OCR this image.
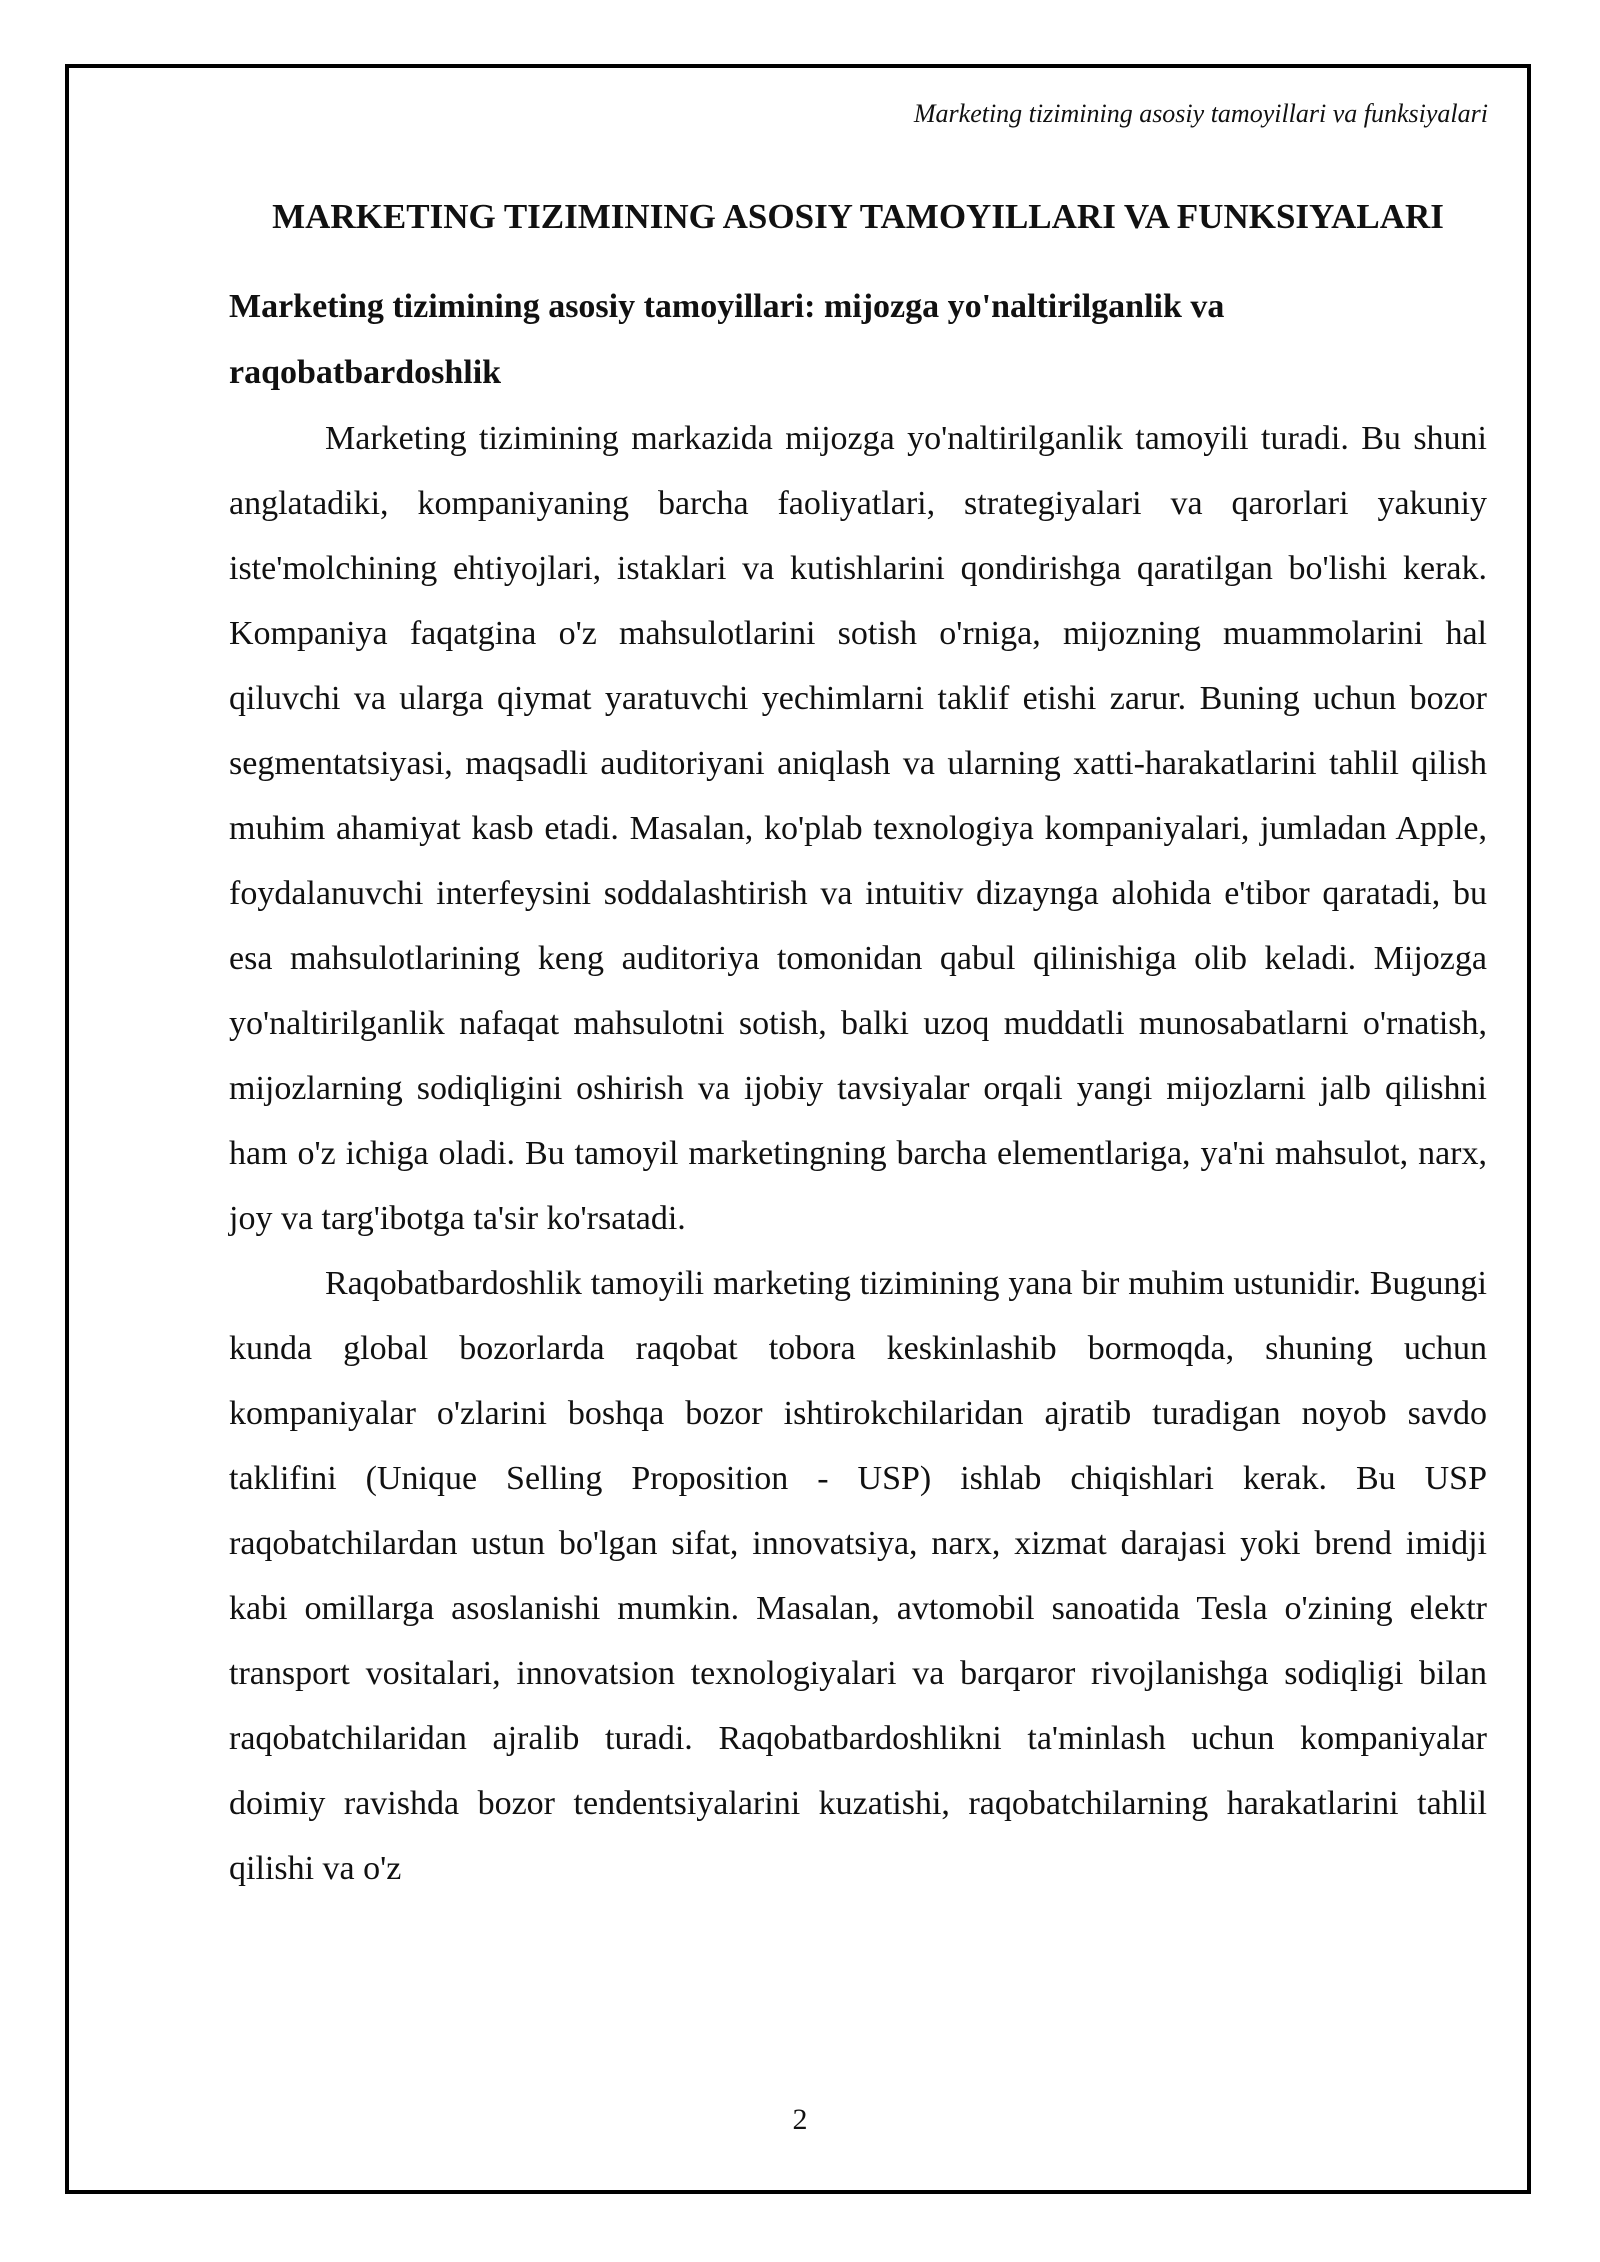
Marketing tizimining asosiy tamoyillari va funksiyalari
MARKETING TIZIMINING ASOSIY TAMOYILLARI VA FUNKSIYALARI
Marketing tizimining asosiy tamoyillari: mijozga yo'naltirilganlik va raqobatbardoshlik

Marketing tizimining markazida mijozga yo'naltirilganlik tamoyili turadi. Bu shuni anglatadiki, kompaniyaning barcha faoliyatlari, strategiyalari va qarorlari yakuniy iste'molchining ehtiyojlari, istaklari va kutishlarini qondirishga qaratilgan bo'lishi kerak. Kompaniya faqatgina o'z mahsulotlarini sotish o'rniga, mijozning muammolarini hal qiluvchi va ularga qiymat yaratuvchi yechimlarni taklif etishi zarur. Buning uchun bozor segmentatsiyasi, maqsadli auditoriyani aniqlash va ularning xatti-harakatlarini tahlil qilish muhim ahamiyat kasb etadi. Masalan, ko'plab texnologiya kompaniyalari, jumladan Apple, foydalanuvchi interfeysini soddalashtirish va intuitiv dizaynga alohida e'tibor qaratadi, bu esa mahsulotlarining keng auditoriya tomonidan qabul qilinishiga olib keladi. Mijozga yo'naltirilganlik nafaqat mahsulotni sotish, balki uzoq muddatli munosabatlarni o'rnatish, mijozlarning sodiqligini oshirish va ijobiy tavsiyalar orqali yangi mijozlarni jalb qilishni ham o'z ichiga oladi. Bu tamoyil marketingning barcha elementlariga, ya'ni mahsulot, narx, joy va targ'ibotga ta'sir ko'rsatadi.

Raqobatbardoshlik tamoyili marketing tizimining yana bir muhim ustunidir. Bugungi kunda global bozorlarda raqobat tobora keskinlashib bormoqda, shuning uchun kompaniyalar o'zlarini boshqa bozor ishtirokchilaridan ajratib turadigan noyob savdo taklifini (Unique Selling Proposition - USP) ishlab chiqishlari kerak. Bu USP raqobatchilardan ustun bo'lgan sifat, innovatsiya, narx, xizmat darajasi yoki brend imidji kabi omillarga asoslanishi mumkin. Masalan, avtomobil sanoatida Tesla o'zining elektr transport vositalari, innovatsion texnologiyalari va barqaror rivojlanishga sodiqligi bilan raqobatchilaridan ajralib turadi. Raqobatbardoshlikni ta'minlash uchun kompaniyalar doimiy ravishda bozor tendentsiyalarini kuzatishi, raqobatchilarning harakatlarini tahlil qilishi va o'z

2
